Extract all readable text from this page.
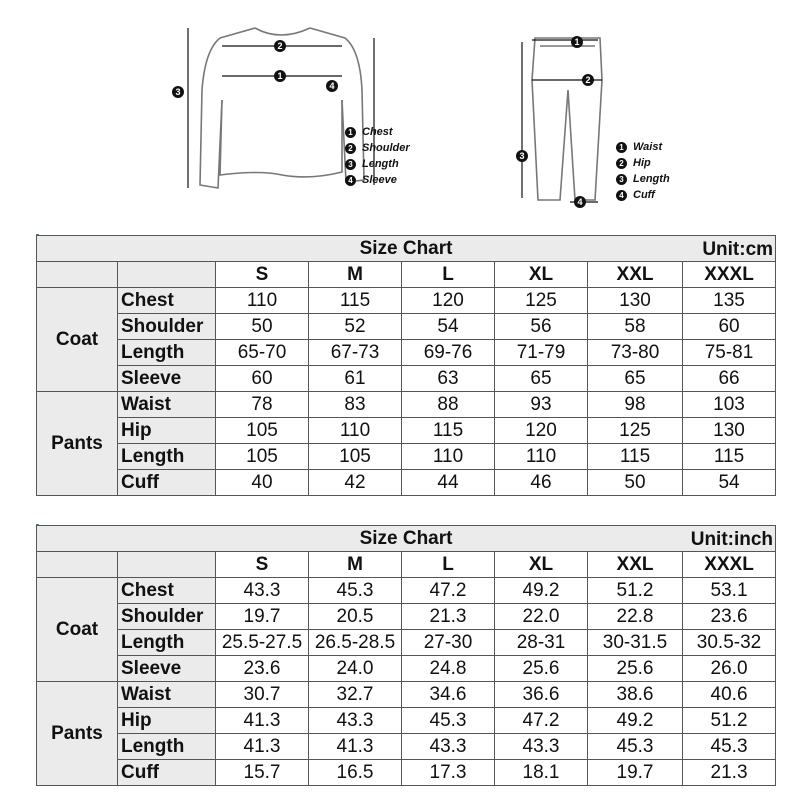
1
2
3
4
1
2
3
4
1 Chest
2 Shoulder
3 Length
4 Sleeve
1 Waist
2 Hip
3 Length
4 Cuff
Size Chart Unit:cm							

		S	M	L	XL	XXL	XXXL
Coat	Chest	110	115	120	125	130	135
	Shoulder	50	52	54	56	58	60
	Length	65-70	67-73	69-76	71-79	73-80	75-81
	Sleeve	60	61	63	65	65	66
Pants	Waist	78	83	88	93	98	103
	Hip	105	110	115	120	125	130
	Length	105	105	110	110	115	115
	Cuff	40	42	44	46	50	54
Size Chart Unit:inch							

		S	M	L	XL	XXL	XXXL
Coat	Chest	43.3	45.3	47.2	49.2	51.2	53.1
	Shoulder	19.7	20.5	21.3	22.0	22.8	23.6
	Length	25.5-27.5	26.5-28.5	27-30	28-31	30-31.5	30.5-32
	Sleeve	23.6	24.0	24.8	25.6	25.6	26.0
Pants	Waist	30.7	32.7	34.6	36.6	38.6	40.6
	Hip	41.3	43.3	45.3	47.2	49.2	51.2
	Length	41.3	41.3	43.3	43.3	45.3	45.3
	Cuff	15.7	16.5	17.3	18.1	19.7	21.3
